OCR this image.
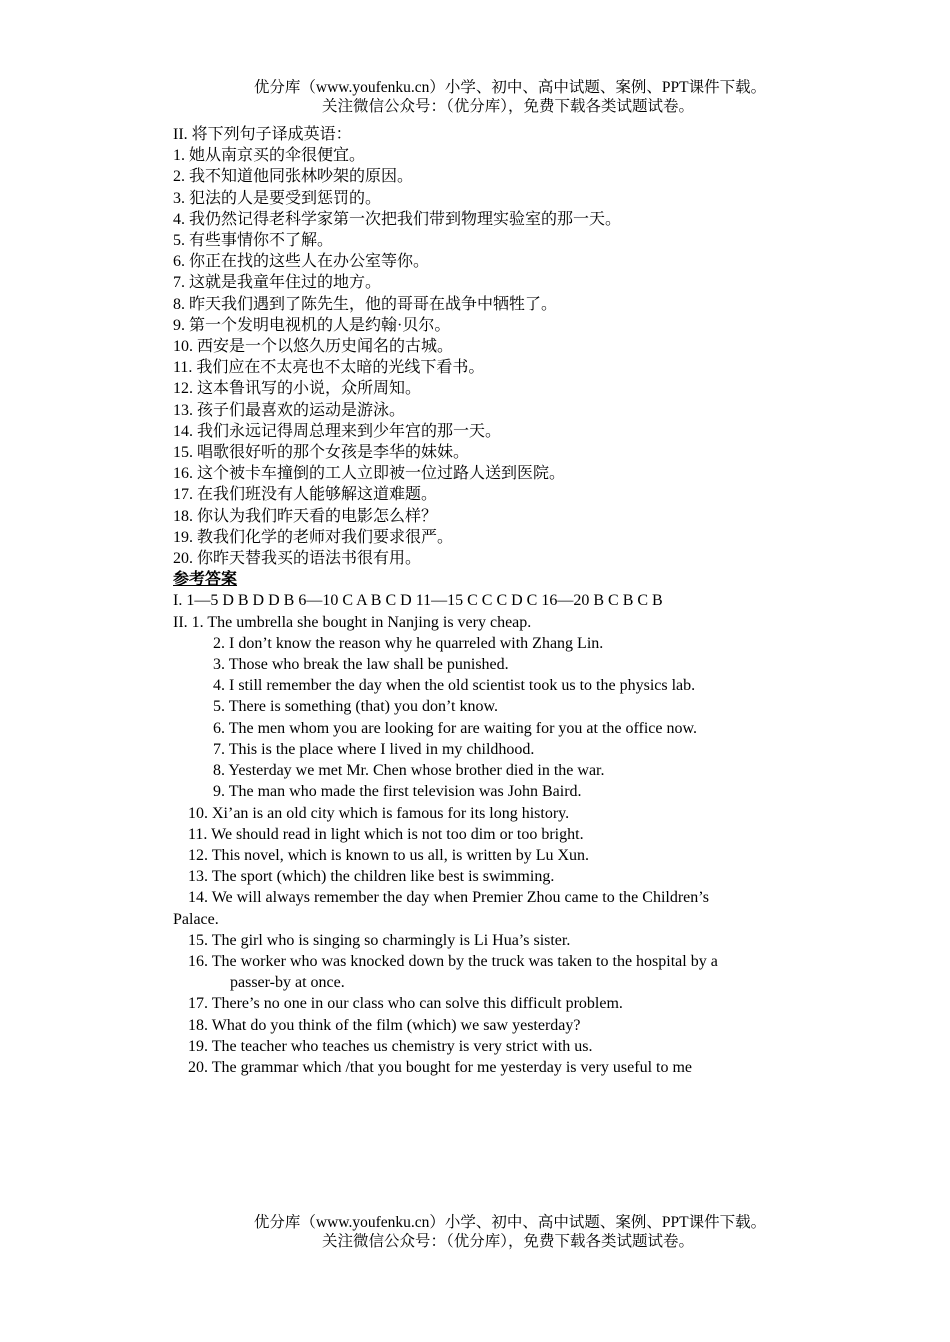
优分库（www.youfenku.cn）小学、初中、高中试题、案例、PPT课件下载。
关注微信公众号：（优分库），免费下载各类试题试卷。
II. 将下列句子译成英语：
1. 她从南京买的伞很便宜。
2. 我不知道他同张林吵架的原因。
3. 犯法的人是要受到惩罚的。
4. 我仍然记得老科学家第一次把我们带到物理实验室的那一天。
5. 有些事情你不了解。
6. 你正在找的这些人在办公室等你。
7. 这就是我童年住过的地方。
8. 昨天我们遇到了陈先生，他的哥哥在战争中牺牲了。
9. 第一个发明电视机的人是约翰·贝尔。
10. 西安是一个以悠久历史闻名的古城。
11. 我们应在不太亮也不太暗的光线下看书。
12. 这本鲁讯写的小说，众所周知。
13. 孩子们最喜欢的运动是游泳。
14. 我们永远记得周总理来到少年宫的那一天。
15. 唱歌很好听的那个女孩是李华的妹妹。
16. 这个被卡车撞倒的工人立即被一位过路人送到医院。
17. 在我们班没有人能够解这道难题。
18. 你认为我们昨天看的电影怎么样？
19. 教我们化学的老师对我们要求很严。
20. 你昨天替我买的语法书很有用。
参考答案
I. 1—5 D B D D B 6—10 C A B C D 11—15 C C C D C 16—20 B C B C B
II. 1. The umbrella she bought in Nanjing is very cheap.
2. I don’t know the reason why he quarreled with Zhang Lin.
3. Those who break the law shall be punished.
4. I still remember the day when the old scientist took us to the physics lab.
5. There is something (that) you don’t know.
6. The men whom you are looking for are waiting for you at the office now.
7. This is the place where I lived in my childhood.
8. Yesterday we met Mr. Chen whose brother died in the war.
9. The man who made the first television was John Baird.
10. Xi’an is an old city which is famous for its long history.
11. We should read in light which is not too dim or too bright.
12. This novel, which is known to us all, is written by Lu Xun.
13. The sport (which) the children like best is swimming.
14. We will always remember the day when Premier Zhou came to the Children’s
Palace.
15. The girl who is singing so charmingly is Li Hua’s sister.
16. The worker who was knocked down by the truck was taken to the hospital by a
passer-by at once.
17. There’s no one in our class who can solve this difficult problem.
18. What do you think of the film (which) we saw yesterday?
19. The teacher who teaches us chemistry is very strict with us.
20. The grammar which /that you bought for me yesterday is very useful to me
优分库（www.youfenku.cn）小学、初中、高中试题、案例、PPT课件下载。
关注微信公众号：（优分库），免费下载各类试题试卷。
